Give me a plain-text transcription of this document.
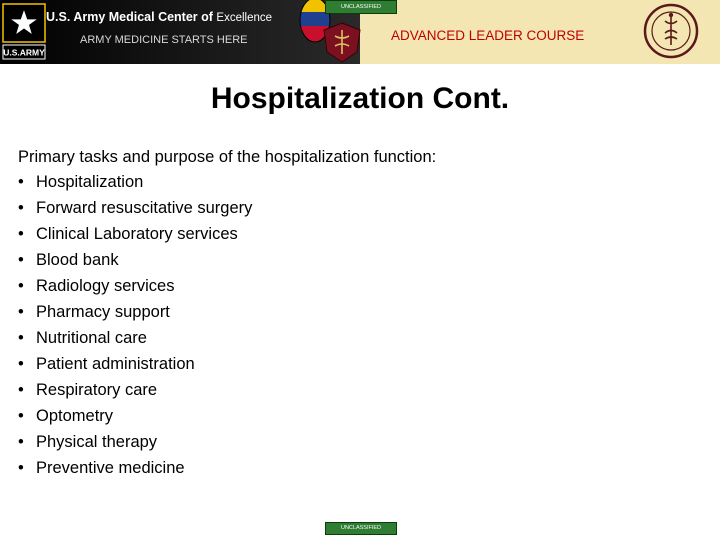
U.S.ARMY
U.S. Army Medical Center of Excellence
ARMY MEDICINE STARTS HERE
UNCLASSIFIED
ADVANCED LEADER COURSE
Hospitalization Cont.
Primary tasks and purpose of the hospitalization function:
• Hospitalization
• Forward resuscitative surgery
• Clinical Laboratory services
• Blood bank
• Radiology services
• Pharmacy support
• Nutritional care
• Patient administration
• Respiratory care
• Optometry
• Physical therapy
• Preventive medicine
UNCLASSIFIED
